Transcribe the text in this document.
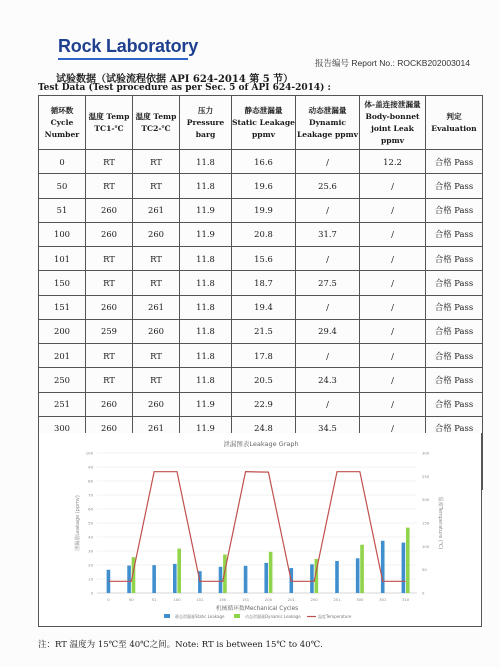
Rock Laboratory
报告编号 Report No.: ROCKB202003014
试验数据（试验流程依据 API 624-2014 第 5 节）
Test Data (Test procedure as per Sec. 5 of API 624-2014) :
循环数 Cycle Number	温度 Temp TC1-℃	温度 Temp TC2-℃	压力Pressure barg	静态泄漏量 Static Leakage ppmv	动态泄漏量 Dynamic Leakage ppmv	体-盖连接泄漏量 Body-bonnet joint Leak ppmv	判定 Evaluation
0	RT	RT	11.8	16.6	/	12.2	合格 Pass
50	RT	RT	11.8	19.6	25.6	/	合格 Pass
51	260	261	11.9	19.9	/	/	合格 Pass
100	260	260	11.9	20.8	31.7	/	合格 Pass
101	RT	RT	11.8	15.6	/	/	合格 Pass
150	RT	RT	11.8	18.7	27.5	/	合格 Pass
151	260	261	11.8	19.4	/	/	合格 Pass
200	259	260	11.8	21.5	29.4	/	合格 Pass
201	RT	RT	11.8	17.8	/	/	合格 Pass
250	RT	RT	11.8	20.5	24.3	/	合格 Pass
251	260	260	11.9	22.9	/	/	合格 Pass
300	260	261	11.9	24.8	34.5	/	合格 Pass

泄漏图表Leakage Graph
0
10
20
30
40
50
60
70
80
90
100
0
50
100
150
200
250
300
0	50	51	100	101	150	151	200	201	250	251	300	301	310
泄漏量Leakage (ppmv)	温度Temperature (℃)
机械循环数Mechanical Cycles
静态泄漏量Static Leakage	动态泄漏量Dynamic Leakage	温度Temperature
注：RT 温度为 15℃至 40℃之间。Note: RT is between 15℃ to 40℃.
